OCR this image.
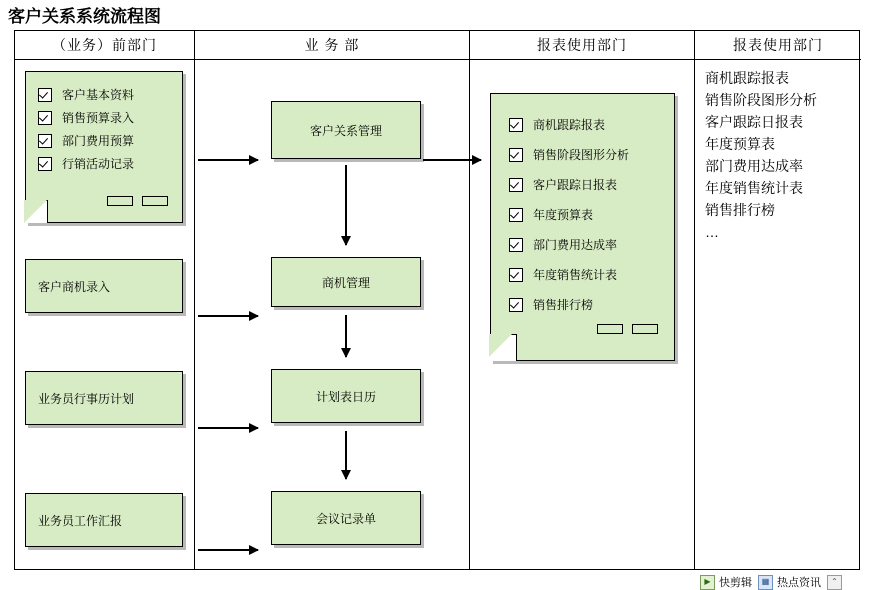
客户关系系统流程图
（业务）前部门
客户基本资料
销售预算录入
部门费用预算
行销活动记录
客户商机录入
业务员行事历计划
业务员工作汇报
业 务 部
客户关系管理
商机管理
计划表日历
会议记录单
报表使用部门
商机跟踪报表
销售阶段图形分析
客户跟踪日报表
年度预算表
部门费用达成率
年度销售统计表
销售排行榜
报表使用部门
商机跟踪报表
销售阶段图形分析
客户跟踪日报表
年度预算表
部门费用达成率
年度销售统计表
销售排行榜
…
▶ 快剪辑	▦ 热点资讯	⌃
